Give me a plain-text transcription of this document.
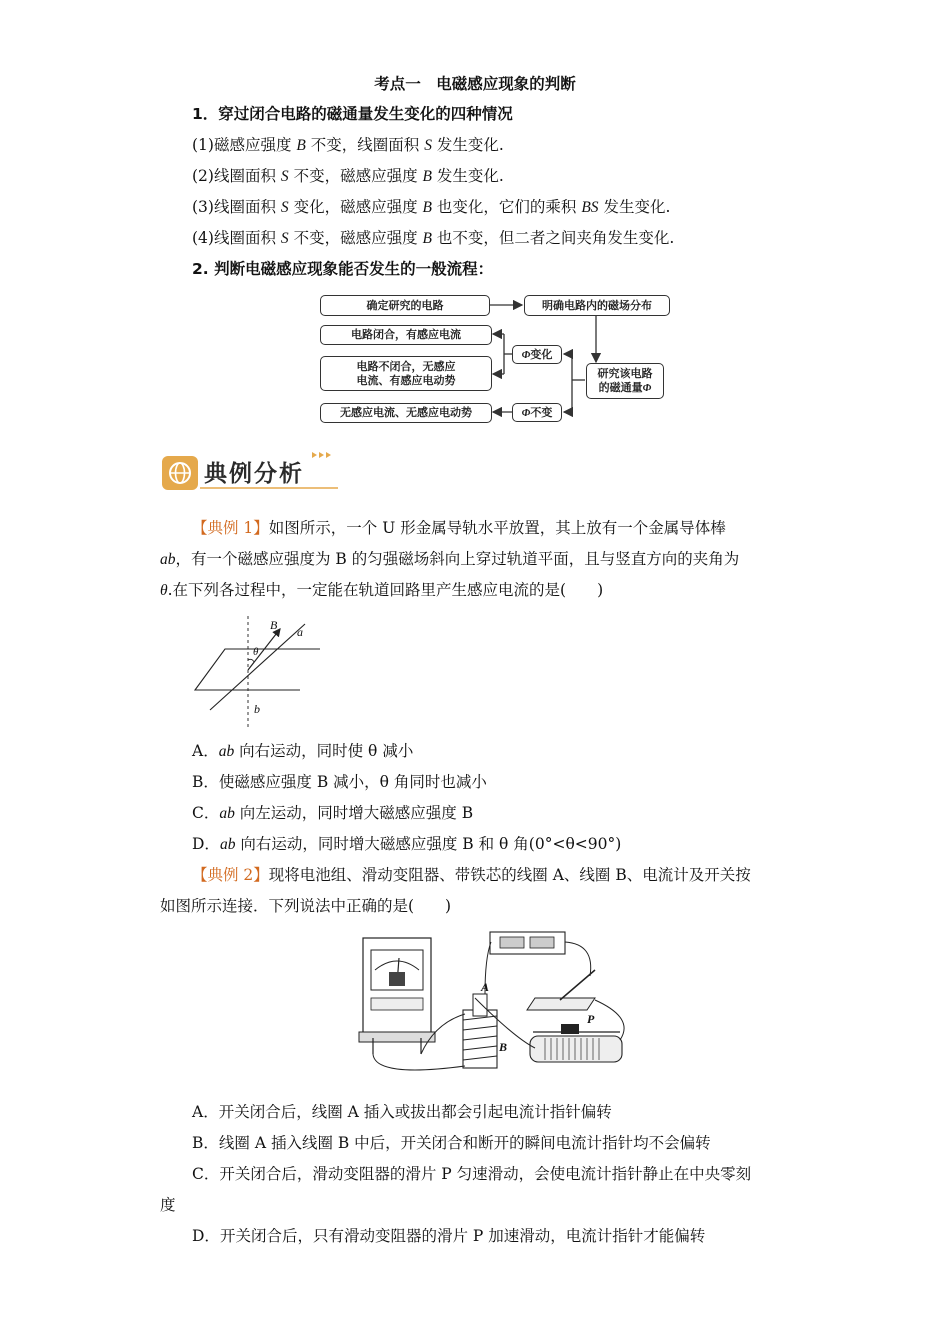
考点一　电磁感应现象的判断
1．穿过闭合电路的磁通量发生变化的四种情况
(1)磁感应强度 B 不变，线圈面积 S 发生变化.
(2)线圈面积 S 不变，磁感应强度 B 发生变化.
(3)线圈面积 S 变化，磁感应强度 B 也变化，它们的乘积 BS 发生变化.
(4)线圈面积 S 不变，磁感应强度 B 也不变，但二者之间夹角发生变化.
2. 判断电磁感应现象能否发生的一般流程：
确定研究的电路	明确电路内的磁场分布
研究该电路
的磁通量Φ
Φ 变化
Φ 不变
电路闭合，有感应电流
电路不闭合，无感应
电流、有感应电动势
无感应电流、无感应电动势
典例分析
【典例 1】如图所示，一个 U 形金属导轨水平放置，其上放有一个金属导体棒
ab，有一个磁感应强度为 B 的匀强磁场斜向上穿过轨道平面，且与竖直方向的夹角为
θ.在下列各过程中，一定能在轨道回路里产生感应电流的是(　　)
B a
θ
b
A．ab 向右运动，同时使 θ 减小
B．使磁感应强度 B 减小，θ 角同时也减小
C．ab 向左运动，同时增大磁感应强度 B
D．ab 向右运动，同时增大磁感应强度 B 和 θ 角(0°<θ<90°)
【典例 2】现将电池组、滑动变阻器、带铁芯的线圈 A、线圈 B、电流计及开关按
如图所示连接．下列说法中正确的是(　　)
A
B
P
A．开关闭合后，线圈 A 插入或拔出都会引起电流计指针偏转
B．线圈 A 插入线圈 B 中后，开关闭合和断开的瞬间电流计指针均不会偏转
C．开关闭合后，滑动变阻器的滑片 P 匀速滑动，会使电流计指针静止在中央零刻
度
D．开关闭合后，只有滑动变阻器的滑片 P 加速滑动，电流计指针才能偏转
